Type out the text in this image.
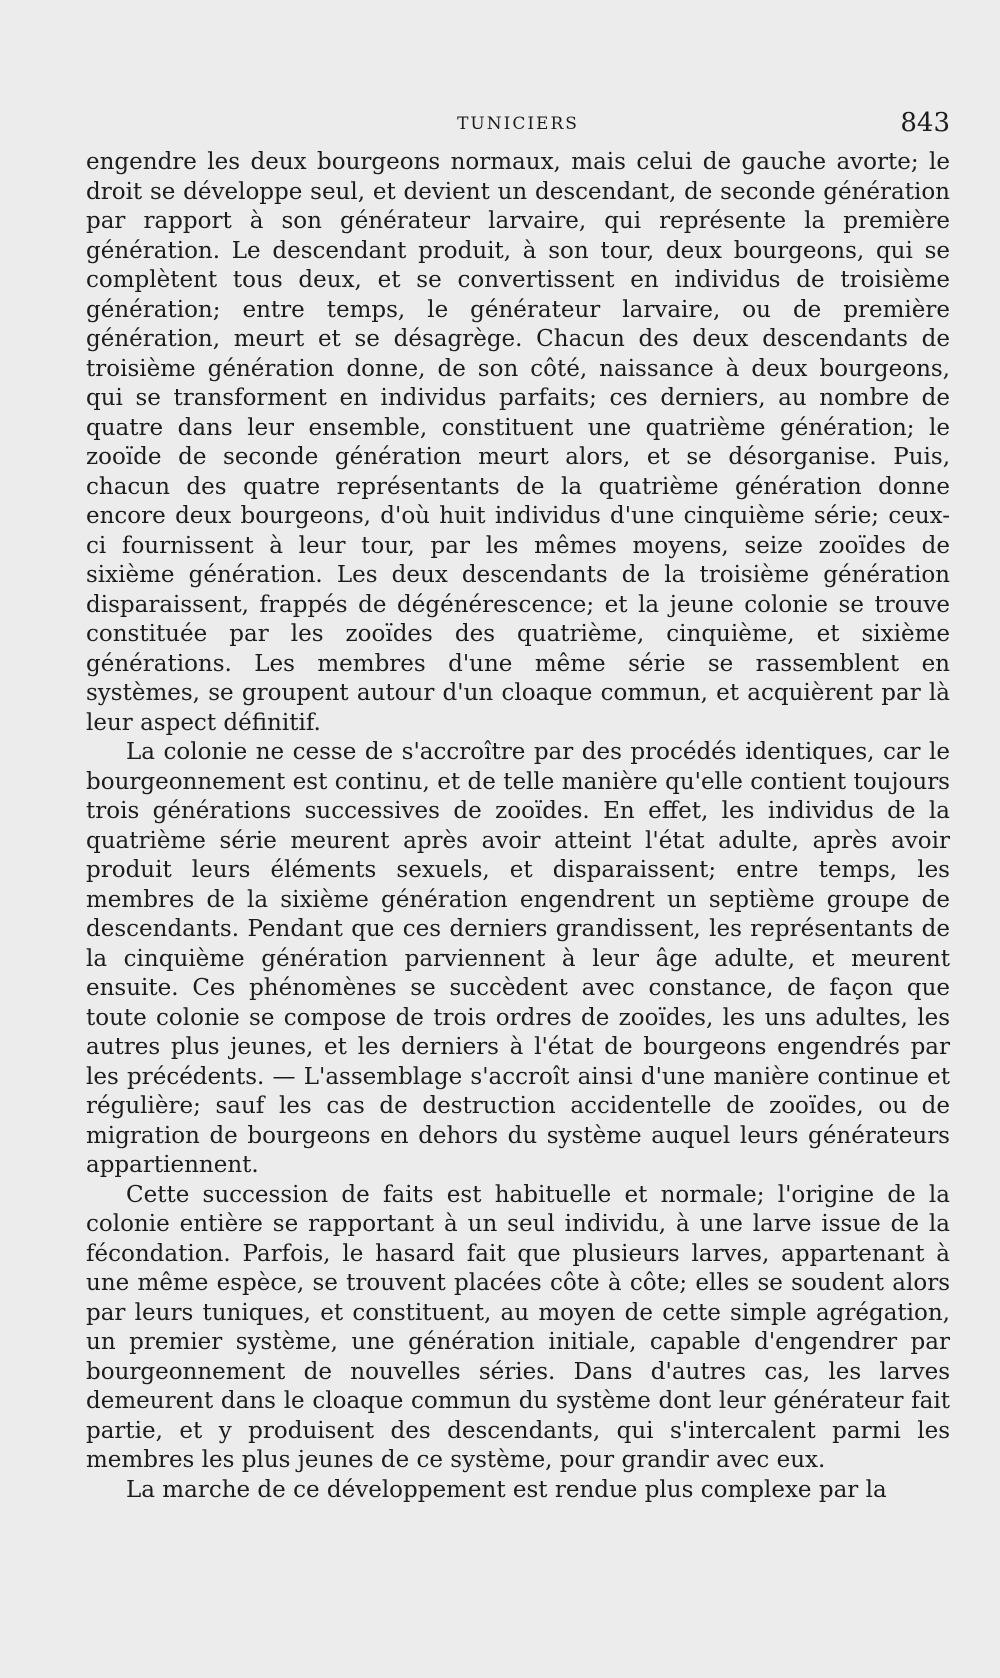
TUNICIERS	843

engendre les deux bourgeons normaux, mais celui de gauche avorte; le droit se développe seul, et devient un descendant, de seconde génération par rapport à son générateur larvaire, qui représente la première génération. Le descendant produit, à son tour, deux bourgeons, qui se complètent tous deux, et se convertissent en individus de troisième génération; entre temps, le générateur larvaire, ou de première génération, meurt et se désagrège. Chacun des deux descendants de troisième génération donne, de son côté, naissance à deux bourgeons, qui se transforment en individus parfaits; ces derniers, au nombre de quatre dans leur ensemble, constituent une quatrième génération; le zooïde de seconde génération meurt alors, et se désorganise. Puis, chacun des quatre représentants de la quatrième génération donne encore deux bourgeons, d'où huit individus d'une cinquième série; ceux-ci fournissent à leur tour, par les mêmes moyens, seize zooïdes de sixième génération. Les deux descendants de la troisième génération disparaissent, frappés de dégénérescence; et la jeune colonie se trouve constituée par les zooïdes des quatrième, cinquième, et sixième générations. Les membres d'une même série se rassemblent en systèmes, se groupent autour d'un cloaque commun, et acquièrent par là leur aspect définitif.

La colonie ne cesse de s'accroître par des procédés identiques, car le bourgeonnement est continu, et de telle manière qu'elle contient toujours trois générations successives de zooïdes. En effet, les individus de la quatrième série meurent après avoir atteint l'état adulte, après avoir produit leurs éléments sexuels, et disparaissent; entre temps, les membres de la sixième génération engendrent un septième groupe de descendants. Pendant que ces derniers grandissent, les représentants de la cinquième génération parviennent à leur âge adulte, et meurent ensuite. Ces phénomènes se succèdent avec constance, de façon que toute colonie se compose de trois ordres de zooïdes, les uns adultes, les autres plus jeunes, et les derniers à l'état de bourgeons engendrés par les précédents. — L'assemblage s'accroît ainsi d'une manière continue et régulière; sauf les cas de destruction accidentelle de zooïdes, ou de migration de bourgeons en dehors du système auquel leurs générateurs appartiennent.

Cette succession de faits est habituelle et normale; l'origine de la colonie entière se rapportant à un seul individu, à une larve issue de la fécondation. Parfois, le hasard fait que plusieurs larves, appartenant à une même espèce, se trouvent placées côte à côte; elles se soudent alors par leurs tuniques, et constituent, au moyen de cette simple agrégation, un premier système, une génération initiale, capable d'engendrer par bourgeonnement de nouvelles séries. Dans d'autres cas, les larves demeurent dans le cloaque commun du système dont leur générateur fait partie, et y produisent des descendants, qui s'intercalent parmi les membres les plus jeunes de ce système, pour grandir avec eux.

La marche de ce développement est rendue plus complexe par la
